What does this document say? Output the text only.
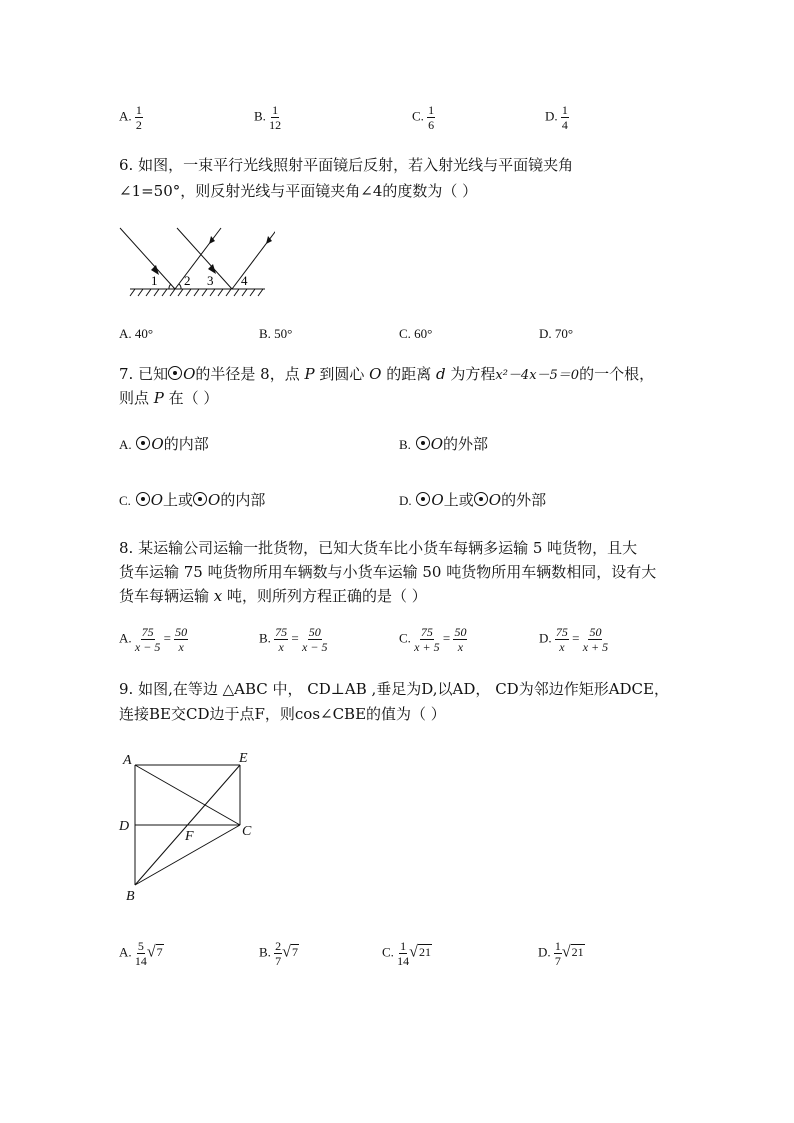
A. $\frac{1}{2}$	B. $\frac{1}{12}$	C. $\frac{1}{6}$	D. $\frac{1}{4}$
6. 如图，一束平行光线照射平面镜后反射，若入射光线与平面镜夹角
∠1=50°，则反射光线与平面镜夹角∠4的度数为（ ）
1 2 3 4
A. 40°	B. 50°	C. 60°	D. 70°
7. 已知 O的半径是 8，点 P 到圆心 O 的距离 d 为方程x²－4x－5＝0的一个根，
则点 P 在（ ）
A. O的内部	B. O的外部
C. O上或 O的内部	D. O上或 O的外部
8. 某运输公司运输一批货物，已知大货车比小货车每辆多运输 5 吨货物，且大
货车运输 75 吨货物所用车辆数与小货车运输 50 吨货物所用车辆数相同，设有大
货车每辆运输 x 吨，则所列方程正确的是（ ）
A. $\frac{75}{x - 5} = \frac{50}{x}$	B. $\frac{75}{x} = \frac{50}{x - 5}$	C. $\frac{75}{x + 5} = \frac{50}{x}$	D. $\frac{75}{x} = \frac{50}{x + 5}$
9. 如图,在等边 △ABC 中， CD⊥AB ,垂足为D,以AD， CD为邻边作矩形ADCE，
连接BE交CD边于点F，则cos∠CBE的值为（ ）
A	E
D
F	C
B
A. $\frac{5}{14} √7$	B. $\frac{2}{7} √7$	C. $\frac{1}{14} √21$	D. $\frac{1}{7} √21$
